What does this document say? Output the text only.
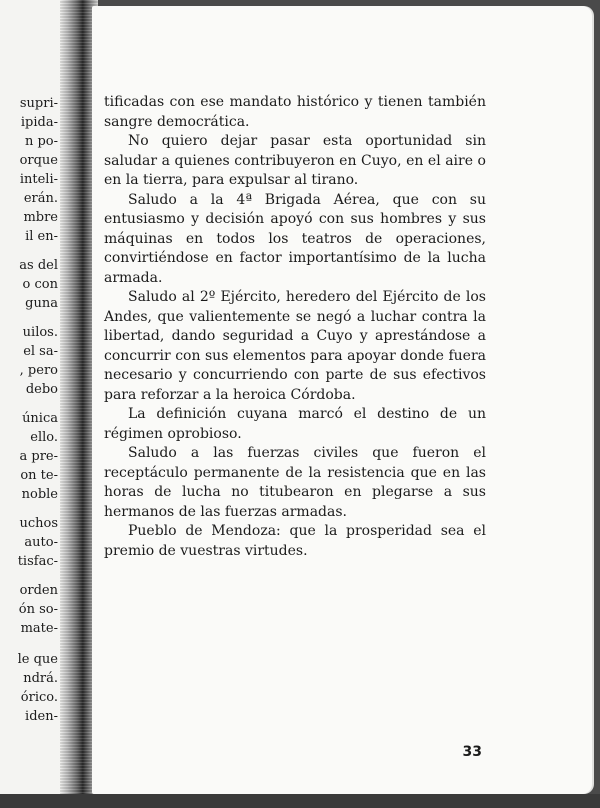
supri-
ipida-
n po-
orque
inteli-
erán.
mbre
il en-
as del
o con
guna
uilos.
el sa-
, pero
debo
única
ello.
a pre-
on te-
noble
uchos
auto-
tisfac-
orden
ón so-
mate-
le que
ndrá.
órico.
iden-

tificadas con ese mandato histórico y tienen también sangre democrática.

No quiero dejar pasar esta oportunidad sin saludar a quienes contribuyeron en Cuyo, en el aire o en la tierra, para expulsar al tirano.

Saludo a la 4ª Brigada Aérea, que con su entusiasmo y decisión apoyó con sus hombres y sus máquinas en todos los teatros de operaciones, convirtiéndose en factor importantísimo de la lucha armada.

Saludo al 2º Ejército, heredero del Ejército de los Andes, que valientemente se negó a luchar contra la libertad, dando seguridad a Cuyo y aprestándose a concurrir con sus elementos para apoyar donde fuera necesario y concurriendo con parte de sus efectivos para reforzar a la heroica Córdoba.

La definición cuyana marcó el destino de un régimen oprobioso.

Saludo a las fuerzas civiles que fueron el receptáculo permanente de la resistencia que en las horas de lucha no titubearon en plegarse a sus hermanos de las fuerzas armadas.

Pueblo de Mendoza: que la prosperidad sea el premio de vuestras virtudes.

33
